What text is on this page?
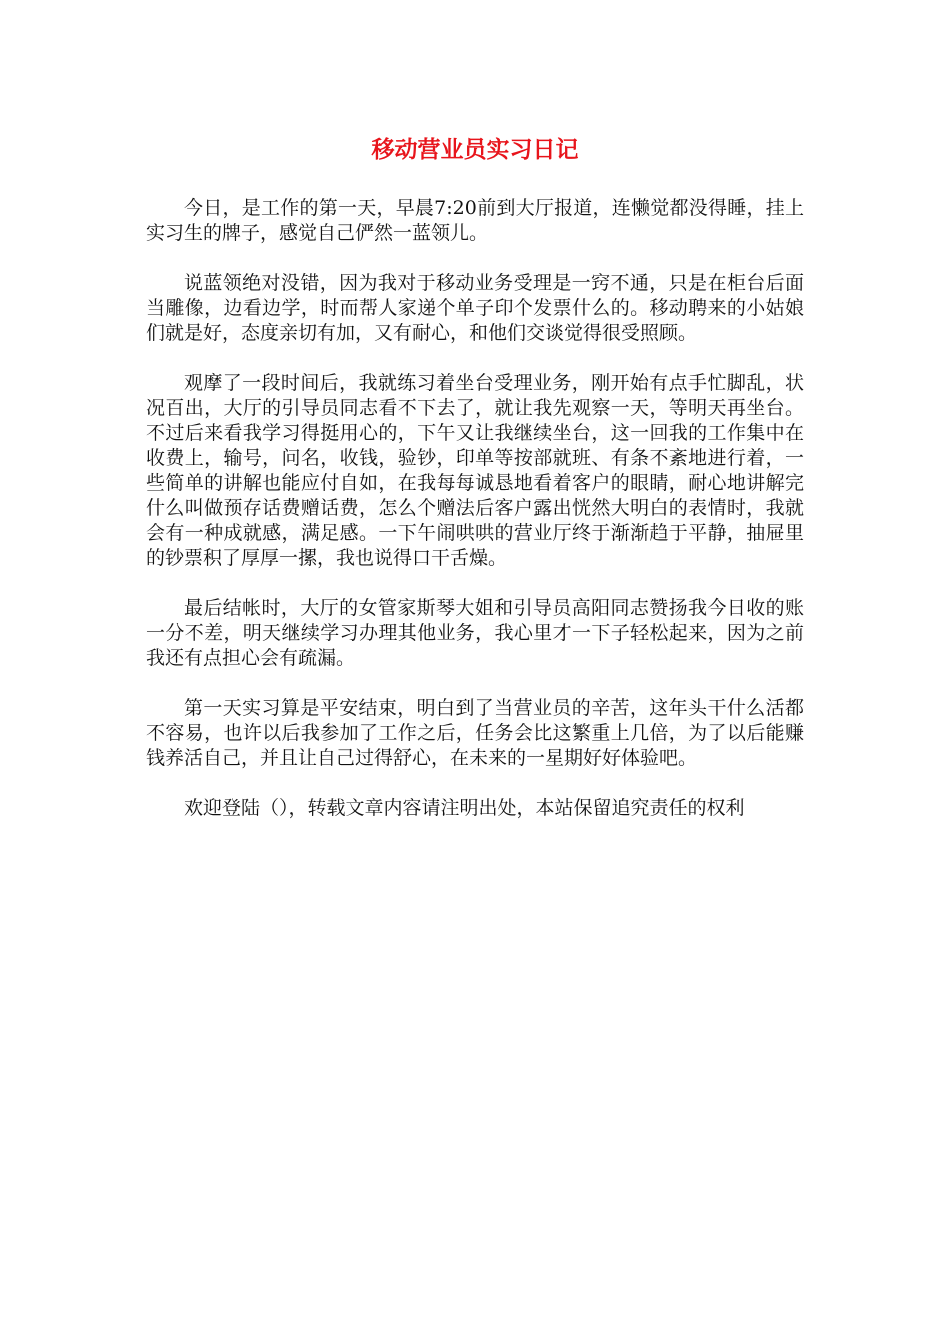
移动营业员实习日记

今日，是工作的第一天，早晨7:20前到大厅报道，连懒觉都没得睡，挂上实习生的牌子，感觉自己俨然一蓝领儿。

说蓝领绝对没错，因为我对于移动业务受理是一窍不通，只是在柜台后面当雕像，边看边学，时而帮人家递个单子印个发票什么的。移动聘来的小姑娘们就是好，态度亲切有加，又有耐心，和他们交谈觉得很受照顾。

观摩了一段时间后，我就练习着坐台受理业务，刚开始有点手忙脚乱，状况百出，大厅的引导员同志看不下去了，就让我先观察一天，等明天再坐台。不过后来看我学习得挺用心的，下午又让我继续坐台，这一回我的工作集中在收费上，输号，问名，收钱，验钞，印单等按部就班、有条不紊地进行着，一些简单的讲解也能应付自如，在我每每诚恳地看着客户的眼睛，耐心地讲解完什么叫做预存话费赠话费，怎么个赠法后客户露出恍然大明白的表情时，我就会有一种成就感，满足感。一下午闹哄哄的营业厅终于渐渐趋于平静，抽屉里的钞票积了厚厚一摞，我也说得口干舌燥。

最后结帐时，大厅的女管家斯琴大姐和引导员高阳同志赞扬我今日收的账一分不差，明天继续学习办理其他业务，我心里才一下子轻松起来，因为之前我还有点担心会有疏漏。

第一天实习算是平安结束，明白到了当营业员的辛苦，这年头干什么活都不容易，也许以后我参加了工作之后，任务会比这繁重上几倍，为了以后能赚钱养活自己，并且让自己过得舒心，在未来的一星期好好体验吧。

欢迎登陆（），转载文章内容请注明出处，本站保留追究责任的权利
